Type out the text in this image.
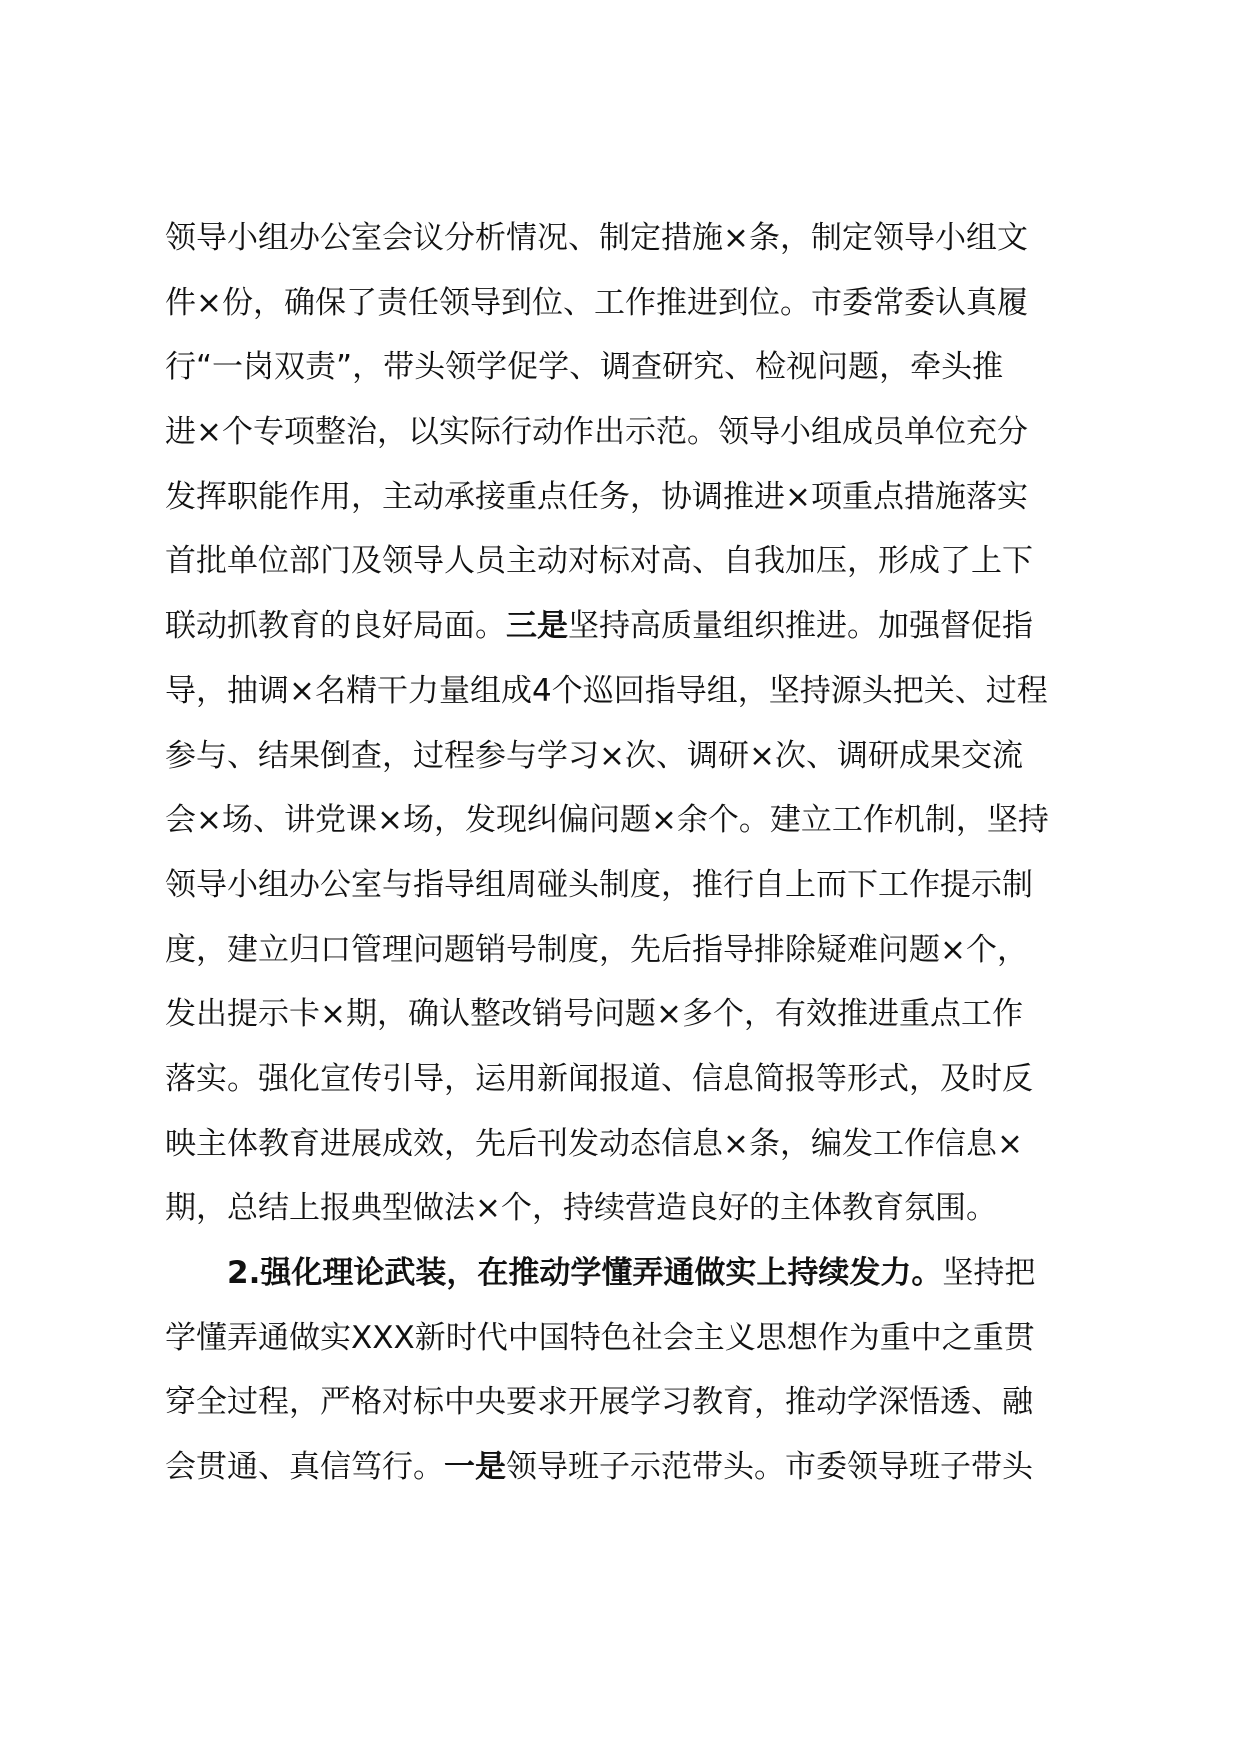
领导小组办公室会议分析情况、制定措施×条，制定领导小组文
件×份，确保了责任领导到位、工作推进到位。市委常委认真履
行“一岗双责”，带头领学促学、调查研究、检视问题，牵头推
进×个专项整治，以实际行动作出示范。领导小组成员单位充分
发挥职能作用，主动承接重点任务，协调推进×项重点措施落实
首批单位部门及领导人员主动对标对高、自我加压，形成了上下
联动抓教育的良好局面。三是坚持高质量组织推进。加强督促指
导，抽调×名精干力量组成4个巡回指导组，坚持源头把关、过程
参与、结果倒查，过程参与学习×次、调研×次、调研成果交流
会×场、讲党课×场，发现纠偏问题×余个。建立工作机制，坚持
领导小组办公室与指导组周碰头制度，推行自上而下工作提示制
度，建立归口管理问题销号制度，先后指导排除疑难问题×个，
发出提示卡×期，确认整改销号问题×多个，有效推进重点工作
落实。强化宣传引导，运用新闻报道、信息简报等形式，及时反
映主体教育进展成效，先后刊发动态信息×条，编发工作信息×
期，总结上报典型做法×个，持续营造良好的主体教育氛围。
2.强化理论武装，在推动学懂弄通做实上持续发力。坚持把
学懂弄通做实XXX新时代中国特色社会主义思想作为重中之重贯
穿全过程，严格对标中央要求开展学习教育，推动学深悟透、融
会贯通、真信笃行。一是领导班子示范带头。市委领导班子带头
